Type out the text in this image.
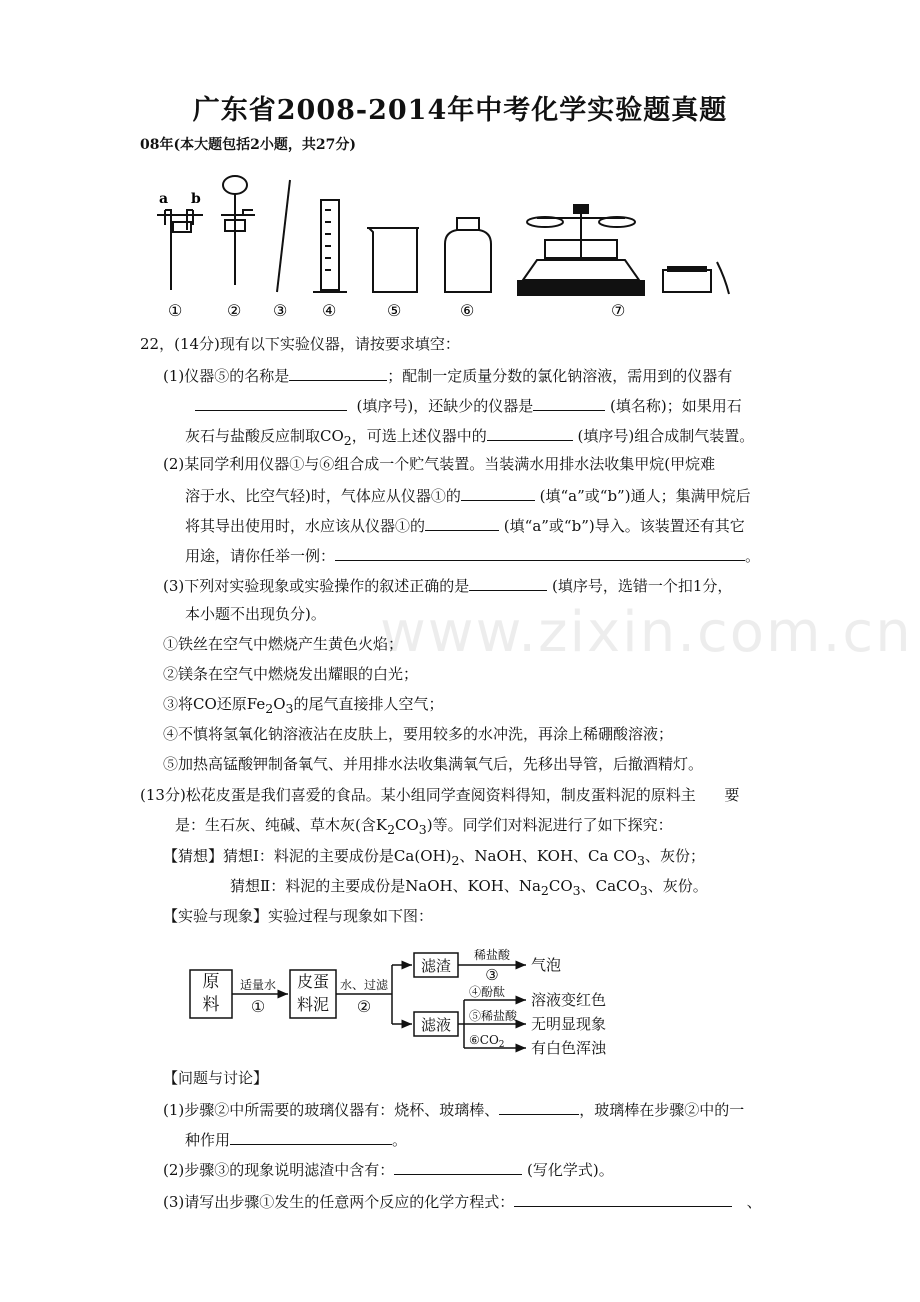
广东省2008-2014年中考化学实验题真题
08年(本大题包括2小题，共27分)
a b
①	② ③ ④	⑤	⑥	⑦
www.zixin.com.cn
22，(14分)现有以下实验仪器，请按要求填空：
(1)仪器⑤的名称是	；配制一定质量分数的氯化钠溶液，需用到的仪器有
(填序号)，还缺少的仪器是	(填名称)；如果用石
灰石与盐酸反应制取$CO_2$，可选上述仪器中的	(填序号)组合成制气装置。
(2)某同学利用仪器①与⑥组合成一个贮气装置。当装满水用排水法收集甲烷(甲烷难
溶于水、比空气轻)时，气体应从仪器①的	(填“a”或“b”)通人；集满甲烷后
将其导出使用时，水应该从仪器①的	(填“a”或“b”)导入。该装置还有其它
用途，请你任举一例：	。
(3)下列对实验现象或实验操作的叙述正确的是	(填序号，选错一个扣1分，
本小题不出现负分)。
①铁丝在空气中燃烧产生黄色火焰；
②镁条在空气中燃烧发出耀眼的白光；
③将CO还原$Fe_2O_3$的尾气直接排人空气；
④不慎将氢氧化钠溶液沾在皮肤上，要用较多的水冲洗，再涂上稀硼酸溶液；
⑤加热高锰酸钾制备氧气、并用排水法收集满氧气后，先移出导管，后撤酒精灯。
(13分)松花皮蛋是我们喜爱的食品。某小组同学查阅资料得知，制皮蛋料泥的原料主 要
是：生石灰、纯碱、草木灰(含$K_2CO_3$)等。同学们对料泥进行了如下探究：
【猜想】猜想Ⅰ：料泥的主要成份是$Ca(OH)_2$、NaOH、KOH、Ca $CO_3$、灰份；
猜想Ⅱ：料泥的主要成份是NaOH、KOH、$Na_2CO_3$、CaCO$_3$、灰份。
【实验与现象】实验过程与现象如下图：
原
料
适量水
①
皮蛋
料泥
水、过滤
②
滤渣
稀盐酸
③
气泡
滤液
④酚酞 溶液变红色
⑤稀盐酸 无明显现象
$⑥CO_2$ 有白色浑浊
【问题与讨论】
(1)步骤②中所需要的玻璃仪器有：烧杯、玻璃棒、	，玻璃棒在步骤②中的一
种作用	。
(2)步骤③的现象说明滤渣中含有：	(写化学式)。
(3)请写出步骤①发生的任意两个反应的化学方程式：	、
